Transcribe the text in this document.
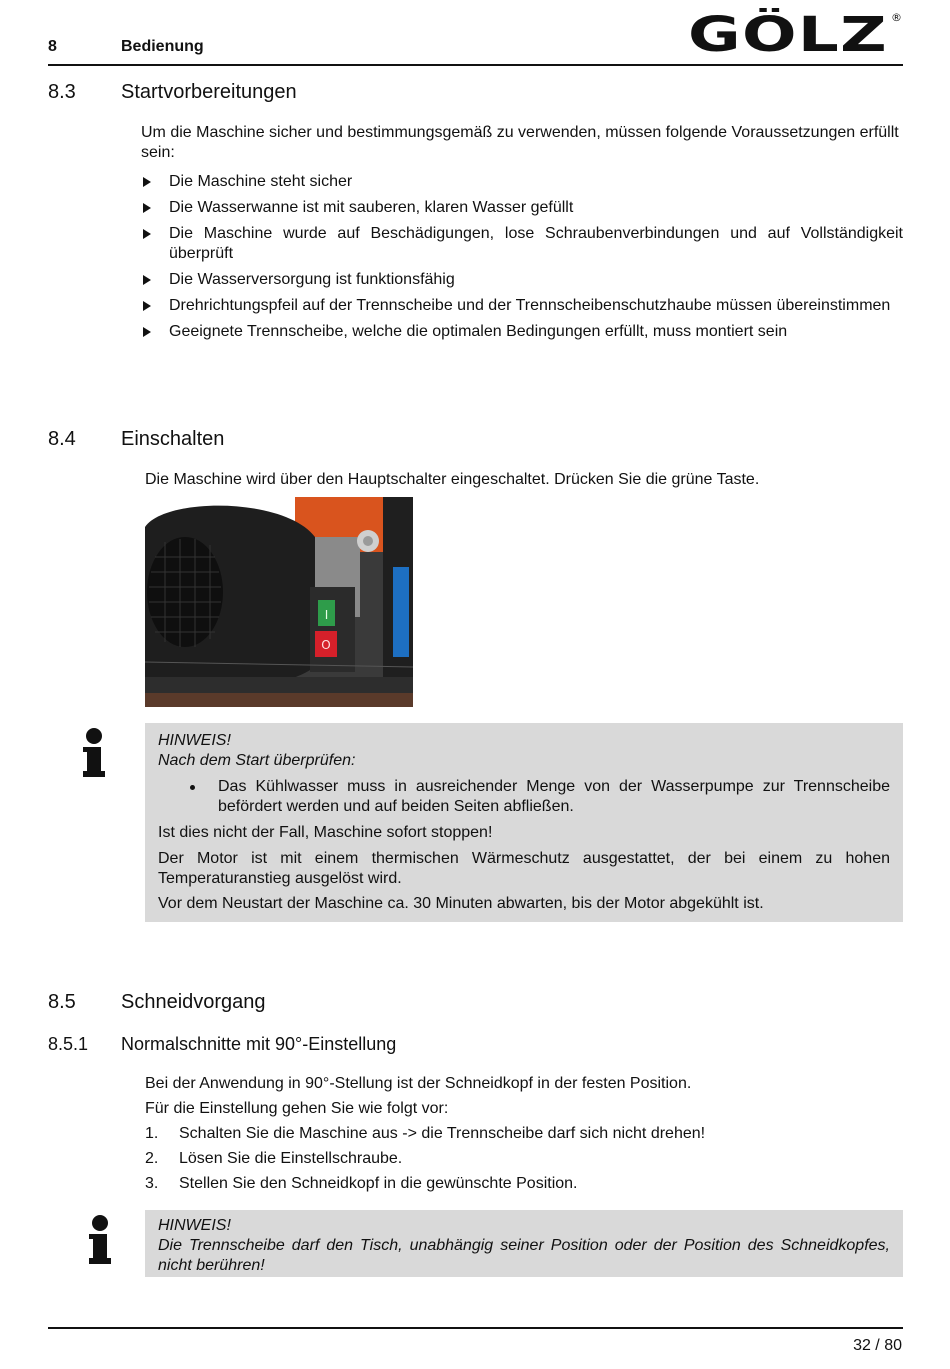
8	Bedienung	GÖLZ	®
8.3 Startvorbereitungen
Um die Maschine sicher und bestimmungsgemäß zu verwenden, müssen folgende Voraussetzungen erfüllt sein:
Die Maschine steht sicher
Die Wasserwanne ist mit sauberen, klaren Wasser gefüllt
Die Maschine wurde auf Beschädigungen, lose Schraubenverbindungen und auf Vollständigkeit überprüft
Die Wasserversorgung ist funktionsfähig
Drehrichtungspfeil auf der Trennscheibe und der Trennscheibenschutzhaube müssen übereinstimmen
Geeignete Trennscheibe, welche die optimalen Bedingungen erfüllt, muss montiert sein
8.4 Einschalten
Die Maschine wird über den Hauptschalter eingeschaltet. Drücken Sie die grüne Taste.
I
O
HINWEIS!
Nach dem Start überprüfen:
Das Kühlwasser muss in ausreichender Menge von der Wasserpumpe zur Trennscheibe befördert werden und auf beiden Seiten abfließen.

Ist dies nicht der Fall, Maschine sofort stoppen!

Der Motor ist mit einem thermischen Wärmeschutz ausgestattet, der bei einem zu hohen Temperaturanstieg ausgelöst wird.

Vor dem Neustart der Maschine ca. 30 Minuten abwarten, bis der Motor abgekühlt ist.

8.5 Schneidvorgang
8.5.1 Normalschnitte mit 90°-Einstellung
Bei der Anwendung in 90°-Stellung ist der Schneidkopf in der festen Position.
Für die Einstellung gehen Sie wie folgt vor:
1. Schalten Sie die Maschine aus -> die Trennscheibe darf sich nicht drehen!
2. Lösen Sie die Einstellschraube.
3. Stellen Sie den Schneidkopf in die gewünschte Position.
HINWEIS!
Die Trennscheibe darf den Tisch, unabhängig seiner Position oder der Position des Schneidkopfes, nicht berühren!
32 / 80
